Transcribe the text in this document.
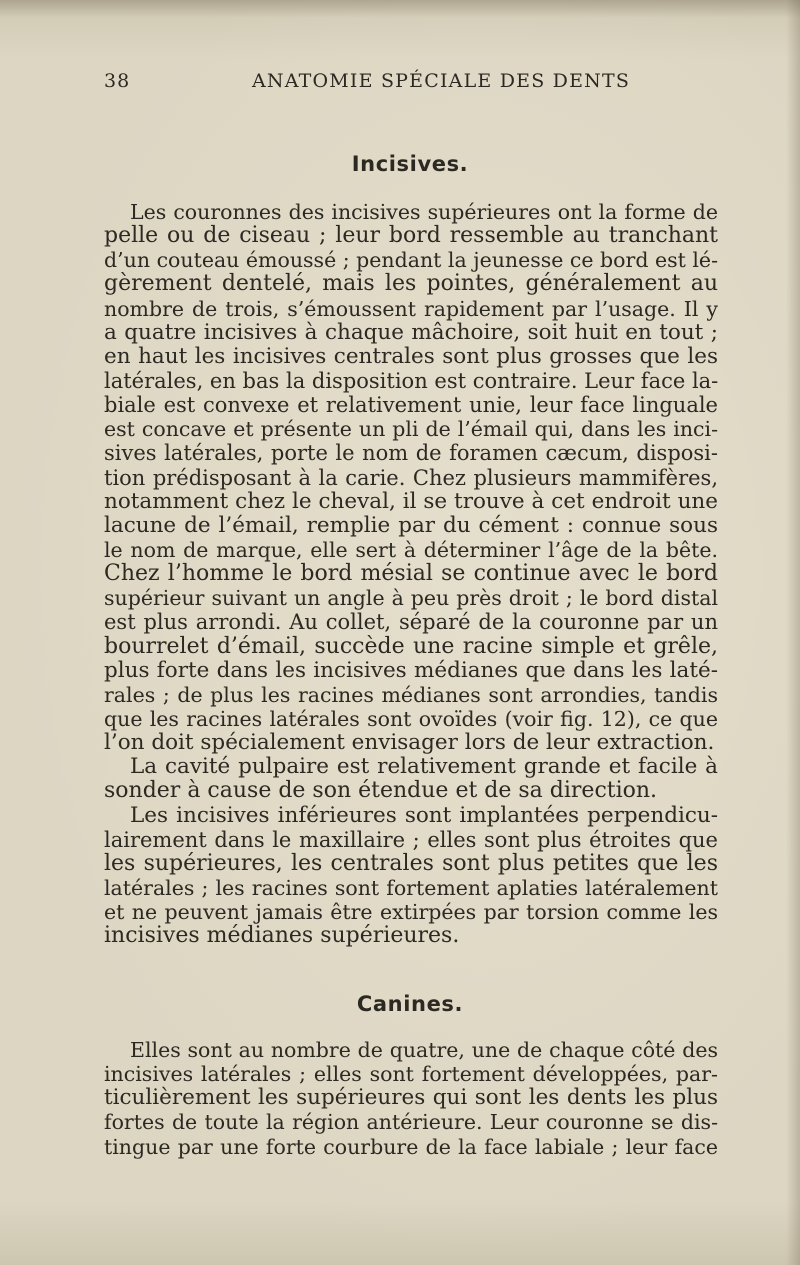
38	ANATOMIE SPÉCIALE DES DENTS
Incisives.
Les couronnes des incisives supérieures ont la forme de
pelle ou de ciseau ; leur bord ressemble au tranchant
d’un couteau émoussé ; pendant la jeunesse ce bord est lé-
gèrement dentelé, mais les pointes, généralement au
nombre de trois, s’émoussent rapidement par l’usage. Il y
a quatre incisives à chaque mâchoire, soit huit en tout ;
en haut les incisives centrales sont plus grosses que les
latérales, en bas la disposition est contraire. Leur face la-
biale est convexe et relativement unie, leur face linguale
est concave et présente un pli de l’émail qui, dans les inci-
sives latérales, porte le nom de foramen cæcum, disposi-
tion prédisposant à la carie. Chez plusieurs mammifères,
notamment chez le cheval, il se trouve à cet endroit une
lacune de l’émail, remplie par du cément : connue sous
le nom de marque, elle sert à déterminer l’âge de la bête.
Chez l’homme le bord mésial se continue avec le bord
supérieur suivant un angle à peu près droit ; le bord distal
est plus arrondi. Au collet, séparé de la couronne par un
bourrelet d’émail, succède une racine simple et grêle,
plus forte dans les incisives médianes que dans les laté-
rales ; de plus les racines médianes sont arrondies, tandis
que les racines latérales sont ovoïdes (voir fig. 12), ce que
l’on doit spécialement envisager lors de leur extraction.
La cavité pulpaire est relativement grande et facile à
sonder à cause de son étendue et de sa direction.
Les incisives inférieures sont implantées perpendicu-
lairement dans le maxillaire ; elles sont plus étroites que
les supérieures, les centrales sont plus petites que les
latérales ; les racines sont fortement aplaties latéralement
et ne peuvent jamais être extirpées par torsion comme les
incisives médianes supérieures.
Canines.
Elles sont au nombre de quatre, une de chaque côté des
incisives latérales ; elles sont fortement développées, par-
ticulièrement les supérieures qui sont les dents les plus
fortes de toute la région antérieure. Leur couronne se dis-
tingue par une forte courbure de la face labiale ; leur face
